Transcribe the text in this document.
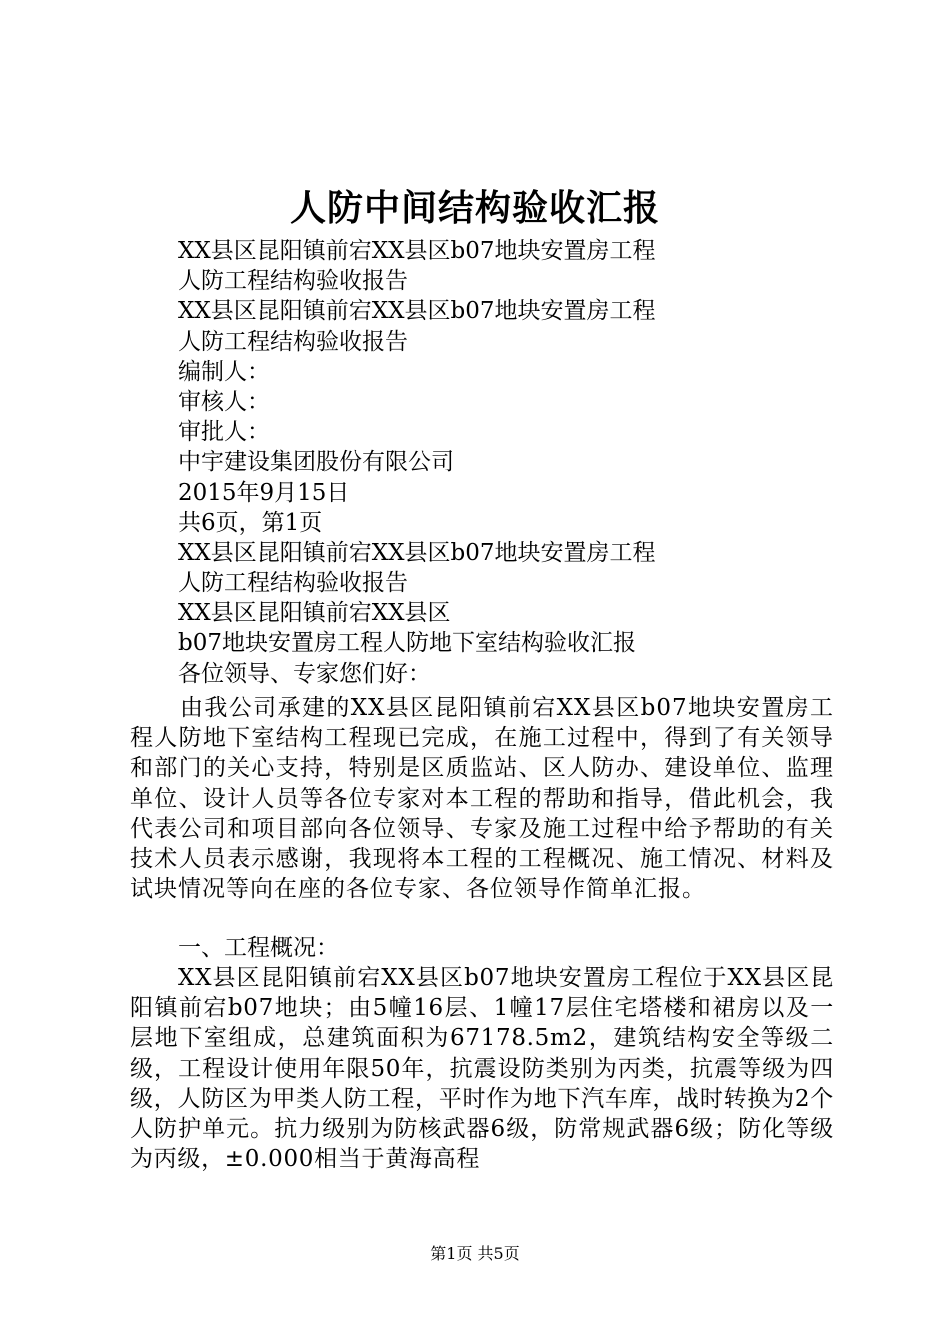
人防中间结构验收汇报
XX县区昆阳镇前宕XX县区b07地块安置房工程
人防工程结构验收报告
XX县区昆阳镇前宕XX县区b07地块安置房工程
人防工程结构验收报告
编制人：
审核人：
审批人：
中宇建设集团股份有限公司
2015年9月15日
共6页，第1页
XX县区昆阳镇前宕XX县区b07地块安置房工程
人防工程结构验收报告
XX县区昆阳镇前宕XX县区
b07地块安置房工程人防地下室结构验收汇报
各位领导、专家您们好：

由我公司承建的XX县区昆阳镇前宕XX县区b07地块安置房工程人防地下室结构工程现已完成，在施工过程中，得到了有关领导和部门的关心支持，特别是区质监站、区人防办、建设单位、监理单位、设计人员等各位专家对本工程的帮助和指导，借此机会，我代表公司和项目部向各位领导、专家及施工过程中给予帮助的有关技术人员表示感谢，我现将本工程的工程概况、施工情况、材料及试块情况等向在座的各位专家、各位领导作简单汇报。

一、工程概况：

XX县区昆阳镇前宕XX县区b07地块安置房工程位于XX县区昆阳镇前宕b07地块；由5幢16层、1幢17层住宅塔楼和裙房以及一层地下室组成，总建筑面积为67178.5m2，建筑结构安全等级二级，工程设计使用年限50年，抗震设防类别为丙类，抗震等级为四级，人防区为甲类人防工程，平时作为地下汽车库，战时转换为2个人防护单元。抗力级别为防核武器6级，防常规武器6级；防化等级为丙级，±0.000相当于黄海高程

第1页 共5页
